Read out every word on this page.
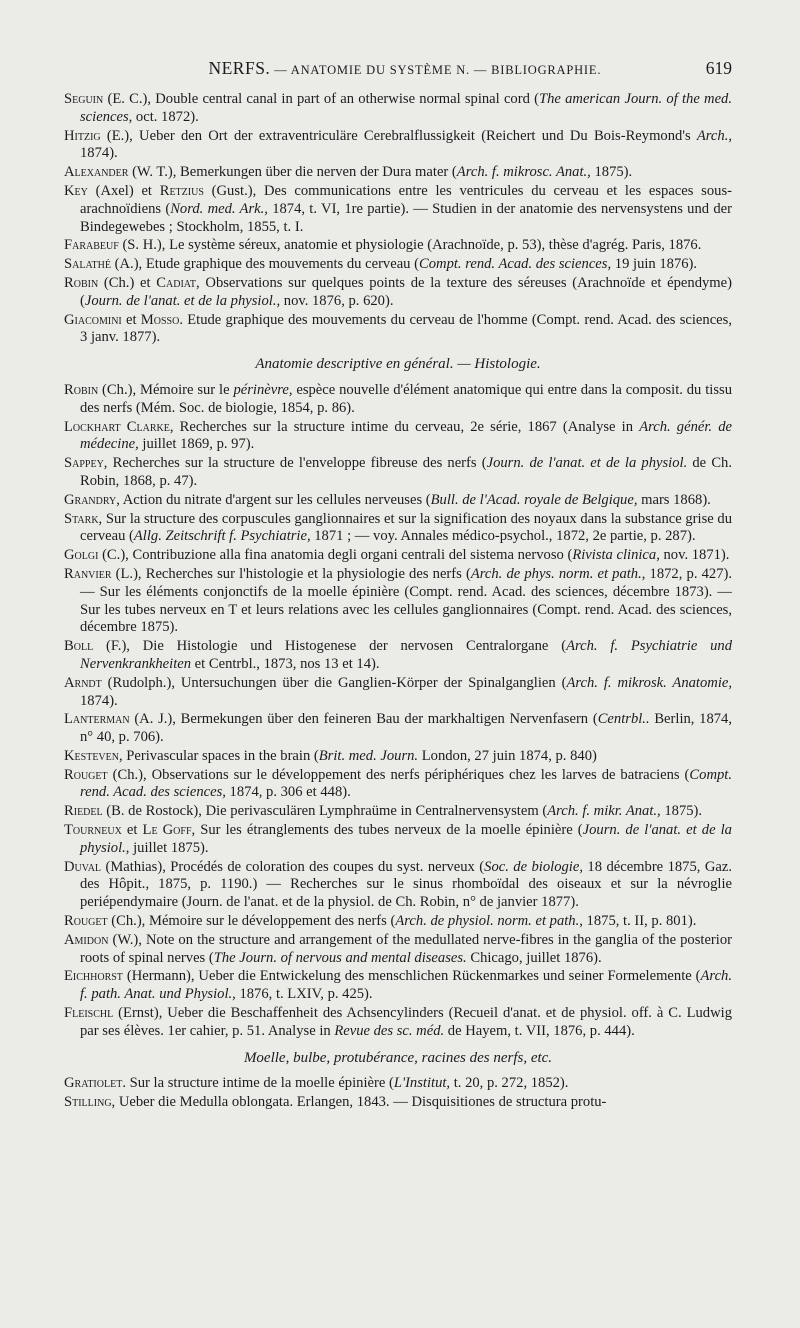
NERFS. — ANATOMIE DU SYSTÈME N. — BIBLIOGRAPHIE.	619

Seguin (E. C.), Double central canal in part of an otherwise normal spinal cord (The american Journ. of the med. sciences, oct. 1872).

Hitzig (E.), Ueber den Ort der extraventriculäre Cerebralflussigkeit (Reichert und Du Bois-Reymond's Arch., 1874).

Alexander (W. T.), Bemerkungen über die nerven der Dura mater (Arch. f. mikrosc. Anat., 1875).

Key (Axel) et Retzius (Gust.), Des communications entre les ventricules du cerveau et les espaces sous-arachnoïdiens (Nord. med. Ark., 1874, t. VI, 1re partie). — Studien in der anatomie des nervensystens und der Bindegewebes ; Stockholm, 1855, t. I.

Farabeuf (S. H.), Le système séreux, anatomie et physiologie (Arachnoïde, p. 53), thèse d'agrég. Paris, 1876.

Salathé (A.), Etude graphique des mouvements du cerveau (Compt. rend. Acad. des sciences, 19 juin 1876).

Robin (Ch.) et Cadiat, Observations sur quelques points de la texture des séreuses (Arachnoïde et épendyme) (Journ. de l'anat. et de la physiol., nov. 1876, p. 620).

Giacomini et Mosso. Etude graphique des mouvements du cerveau de l'homme (Compt. rend. Acad. des sciences, 3 janv. 1877).

Anatomie descriptive en général. — Histologie.

Robin (Ch.), Mémoire sur le périnèvre, espèce nouvelle d'élément anatomique qui entre dans la composit. du tissu des nerfs (Mém. Soc. de biologie, 1854, p. 86).

Lockhart Clarke, Recherches sur la structure intime du cerveau, 2e série, 1867 (Analyse in Arch. génér. de médecine, juillet 1869, p. 97).

Sappey, Recherches sur la structure de l'enveloppe fibreuse des nerfs (Journ. de l'anat. et de la physiol. de Ch. Robin, 1868, p. 47).

Grandry, Action du nitrate d'argent sur les cellules nerveuses (Bull. de l'Acad. royale de Belgique, mars 1868).

Stark, Sur la structure des corpuscules ganglionnaires et sur la signification des noyaux dans la substance grise du cerveau (Allg. Zeitschrift f. Psychiatrie, 1871 ; — voy. Annales médico-psychol., 1872, 2e partie, p. 287).

Golgi (C.), Contribuzione alla fina anatomia degli organi centrali del sistema nervoso (Rivista clinica, nov. 1871).

Ranvier (L.), Recherches sur l'histologie et la physiologie des nerfs (Arch. de phys. norm. et path., 1872, p. 427). — Sur les éléments conjonctifs de la moelle épinière (Compt. rend. Acad. des sciences, décembre 1873). — Sur les tubes nerveux en T et leurs relations avec les cellules ganglionnaires (Compt. rend. Acad. des sciences, décembre 1875).

Boll (F.), Die Histologie und Histogenese der nervosen Centralorgane (Arch. f. Psychiatrie und Nervenkrankheiten et Centrbl., 1873, nos 13 et 14).

Arndt (Rudolph.), Untersuchungen über die Ganglien-Körper der Spinalganglien (Arch. f. mikrosk. Anatomie, 1874).

Lanterman (A. J.), Bermekungen über den feineren Bau der markhaltigen Nervenfasern (Centrbl.. Berlin, 1874, n° 40, p. 706).

Kesteven, Perivascular spaces in the brain (Brit. med. Journ. London, 27 juin 1874, p. 840)

Rouget (Ch.), Observations sur le développement des nerfs périphériques chez les larves de batraciens (Compt. rend. Acad. des sciences, 1874, p. 306 et 448).

Riedel (B. de Rostock), Die perivasculären Lymphraüme in Centralnervensystem (Arch. f. mikr. Anat., 1875).

Tourneux et Le Goff, Sur les étranglements des tubes nerveux de la moelle épinière (Journ. de l'anat. et de la physiol., juillet 1875).

Duval (Mathias), Procédés de coloration des coupes du syst. nerveux (Soc. de biologie, 18 décembre 1875, Gaz. des Hôpit., 1875, p. 1190.) — Recherches sur le sinus rhomboïdal des oiseaux et sur la névroglie periépendymaire (Journ. de l'anat. et de la physiol. de Ch. Robin, n° de janvier 1877).

Rouget (Ch.), Mémoire sur le développement des nerfs (Arch. de physiol. norm. et path., 1875, t. II, p. 801).

Amidon (W.), Note on the structure and arrangement of the medullated nerve-fibres in the ganglia of the posterior roots of spinal nerves (The Journ. of nervous and mental diseases. Chicago, juillet 1876).

Eichhorst (Hermann), Ueber die Entwickelung des menschlichen Rückenmarkes und seiner Formelemente (Arch. f. path. Anat. und Physiol., 1876, t. LXIV, p. 425).

Fleischl (Ernst), Ueber die Beschaffenheit des Achsencylinders (Recueil d'anat. et de physiol. off. à C. Ludwig par ses élèves. 1er cahier, p. 51. Analyse in Revue des sc. méd. de Hayem, t. VII, 1876, p. 444).

Moelle, bulbe, protubérance, racines des nerfs, etc.

Gratiolet. Sur la structure intime de la moelle épinière (L'Institut, t. 20, p. 272, 1852).

Stilling, Ueber die Medulla oblongata. Erlangen, 1843. — Disquisitiones de structura protu-
